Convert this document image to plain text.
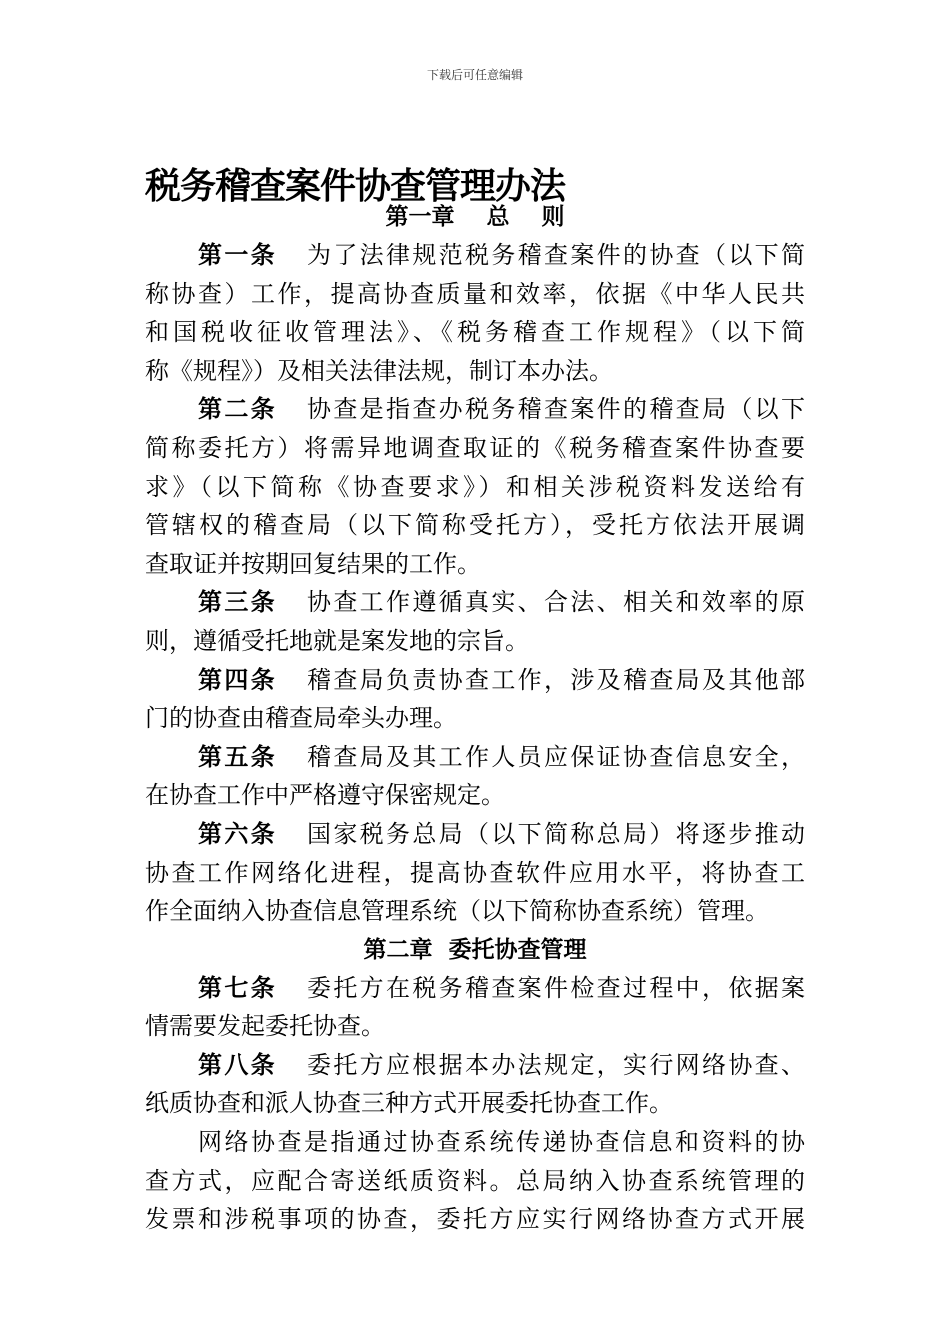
下载后可任意编辑
税务稽查案件协查管理办法
第一章    总    则
第一条 为了法律规范税务稽查案件的协查（以下简
称协查）工作，提高协查质量和效率，依据《中华人民共
和国税收征收管理法》、《税务稽查工作规程》（以下简
称《规程》）及相关法律法规，制订本办法。
第二条 协查是指查办税务稽查案件的稽查局（以下
简称委托方）将需异地调查取证的《税务稽查案件协查要
求》（以下简称《协查要求》）和相关涉税资料发送给有
管辖权的稽查局（以下简称受托方），受托方依法开展调
查取证并按期回复结果的工作。
第三条 协查工作遵循真实、合法、相关和效率的原
则，遵循受托地就是案发地的宗旨。
第四条 稽查局负责协查工作，涉及稽查局及其他部
门的协查由稽查局牵头办理。
第五条 稽查局及其工作人员应保证协查信息安全，
在协查工作中严格遵守保密规定。
第六条 国家税务总局（以下简称总局）将逐步推动
协查工作网络化进程，提高协查软件应用水平，将协查工
作全面纳入协查信息管理系统（以下简称协查系统）管理。
第二章  委托协查管理
第七条 委托方在税务稽查案件检查过程中，依据案
情需要发起委托协查。
第八条 委托方应根据本办法规定，实行网络协查、
纸质协查和派人协查三种方式开展委托协查工作。
网络协查是指通过协查系统传递协查信息和资料的协
查方式，应配合寄送纸质资料。总局纳入协查系统管理的
发票和涉税事项的协查，委托方应实行网络协查方式开展
